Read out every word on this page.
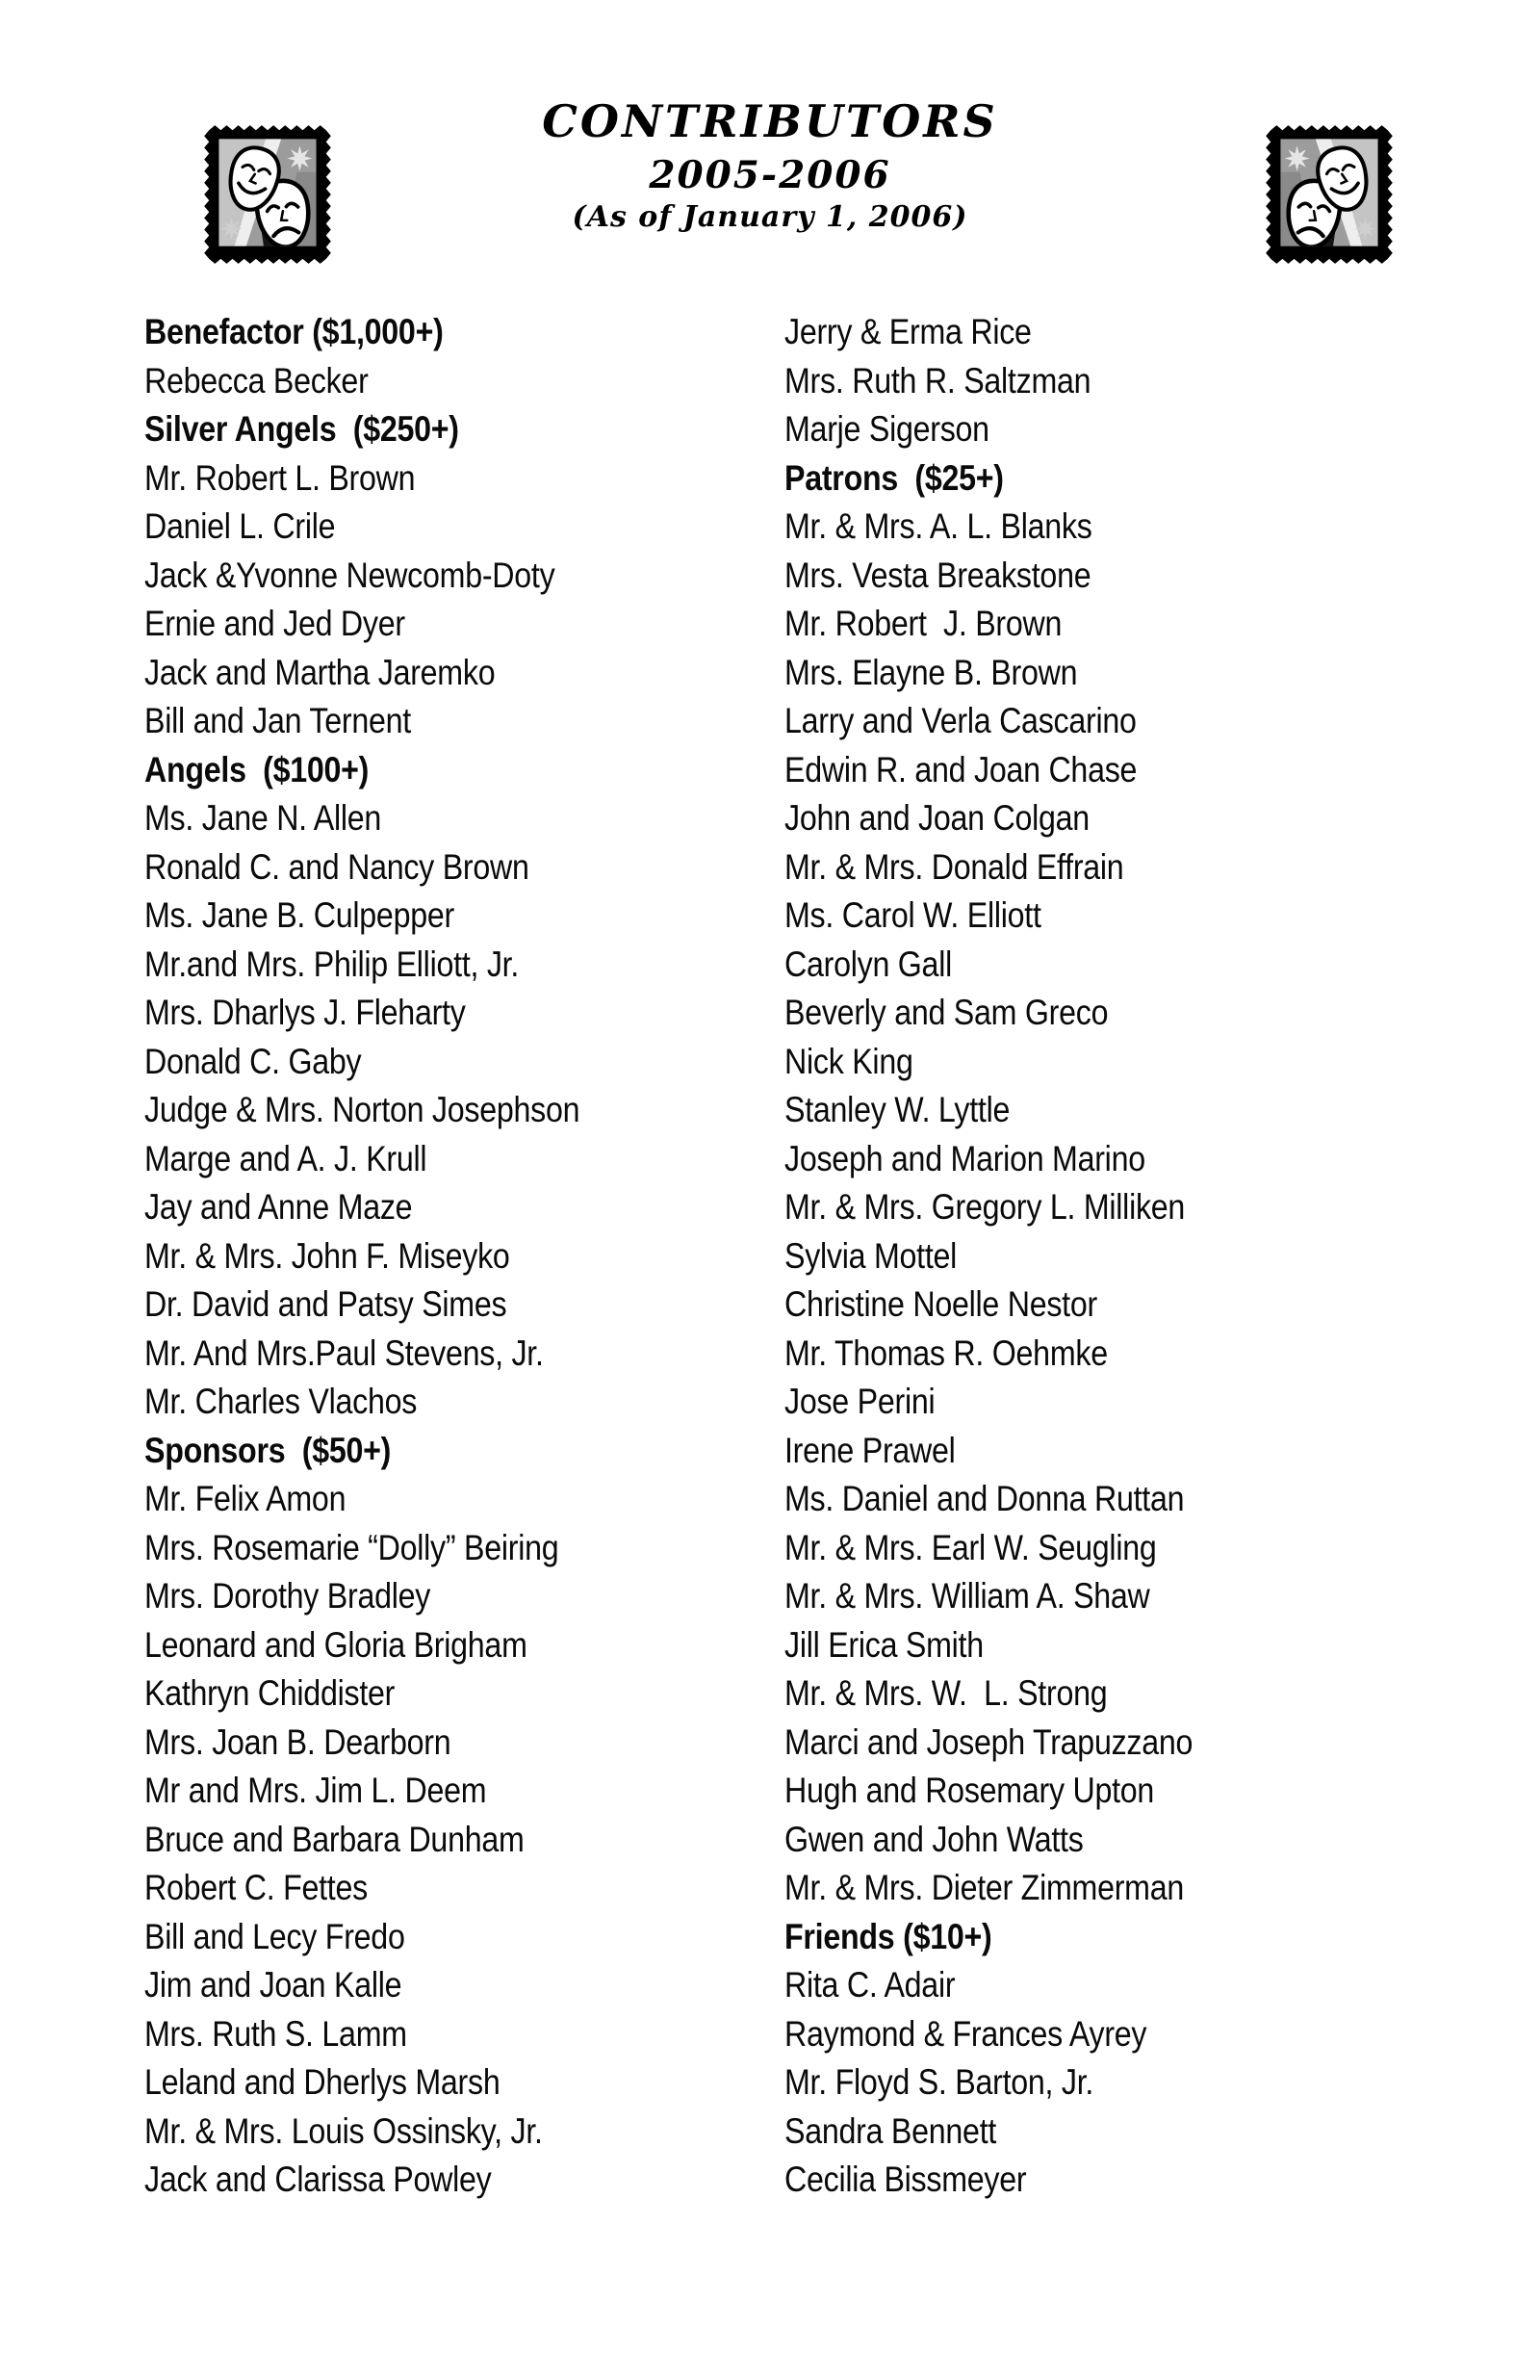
CONTRIBUTORS
2005-2006
(As of January 1, 2006)
Benefactor ($1,000+)
Rebecca Becker
Silver Angels  ($250+)
Mr. Robert L. Brown
Daniel L. Crile
Jack &Yvonne Newcomb-Doty
Ernie and Jed Dyer
Jack and Martha Jaremko
Bill and Jan Ternent
Angels  ($100+)
Ms. Jane N. Allen
Ronald C. and Nancy Brown
Ms. Jane B. Culpepper
Mr.and Mrs. Philip Elliott, Jr.
Mrs. Dharlys J. Fleharty
Donald C. Gaby
Judge & Mrs. Norton Josephson
Marge and A. J. Krull
Jay and Anne Maze
Mr. & Mrs. John F. Miseyko
Dr. David and Patsy Simes
Mr. And Mrs.Paul Stevens, Jr.
Mr. Charles Vlachos
Sponsors  ($50+)
Mr. Felix Amon
Mrs. Rosemarie “Dolly” Beiring
Mrs. Dorothy Bradley
Leonard and Gloria Brigham
Kathryn Chiddister
Mrs. Joan B. Dearborn
Mr and Mrs. Jim L. Deem
Bruce and Barbara Dunham
Robert C. Fettes
Bill and Lecy Fredo
Jim and Joan Kalle
Mrs. Ruth S. Lamm
Leland and Dherlys Marsh
Mr. & Mrs. Louis Ossinsky, Jr.
Jack and Clarissa Powley
Jerry & Erma Rice
Mrs. Ruth R. Saltzman
Marje Sigerson
Patrons  ($25+)
Mr. & Mrs. A. L. Blanks
Mrs. Vesta Breakstone
Mr. Robert  J. Brown
Mrs. Elayne B. Brown
Larry and Verla Cascarino
Edwin R. and Joan Chase
John and Joan Colgan
Mr. & Mrs. Donald Effrain
Ms. Carol W. Elliott
Carolyn Gall
Beverly and Sam Greco
Nick King
Stanley W. Lyttle
Joseph and Marion Marino
Mr. & Mrs. Gregory L. Milliken
Sylvia Mottel
Christine Noelle Nestor
Mr. Thomas R. Oehmke
Jose Perini
Irene Prawel
Ms. Daniel and Donna Ruttan
Mr. & Mrs. Earl W. Seugling
Mr. & Mrs. William A. Shaw
Jill Erica Smith
Mr. & Mrs. W.  L. Strong
Marci and Joseph Trapuzzano
Hugh and Rosemary Upton
Gwen and John Watts
Mr. & Mrs. Dieter Zimmerman
Friends ($10+)
Rita C. Adair
Raymond & Frances Ayrey
Mr. Floyd S. Barton, Jr.
Sandra Bennett
Cecilia Bissmeyer
